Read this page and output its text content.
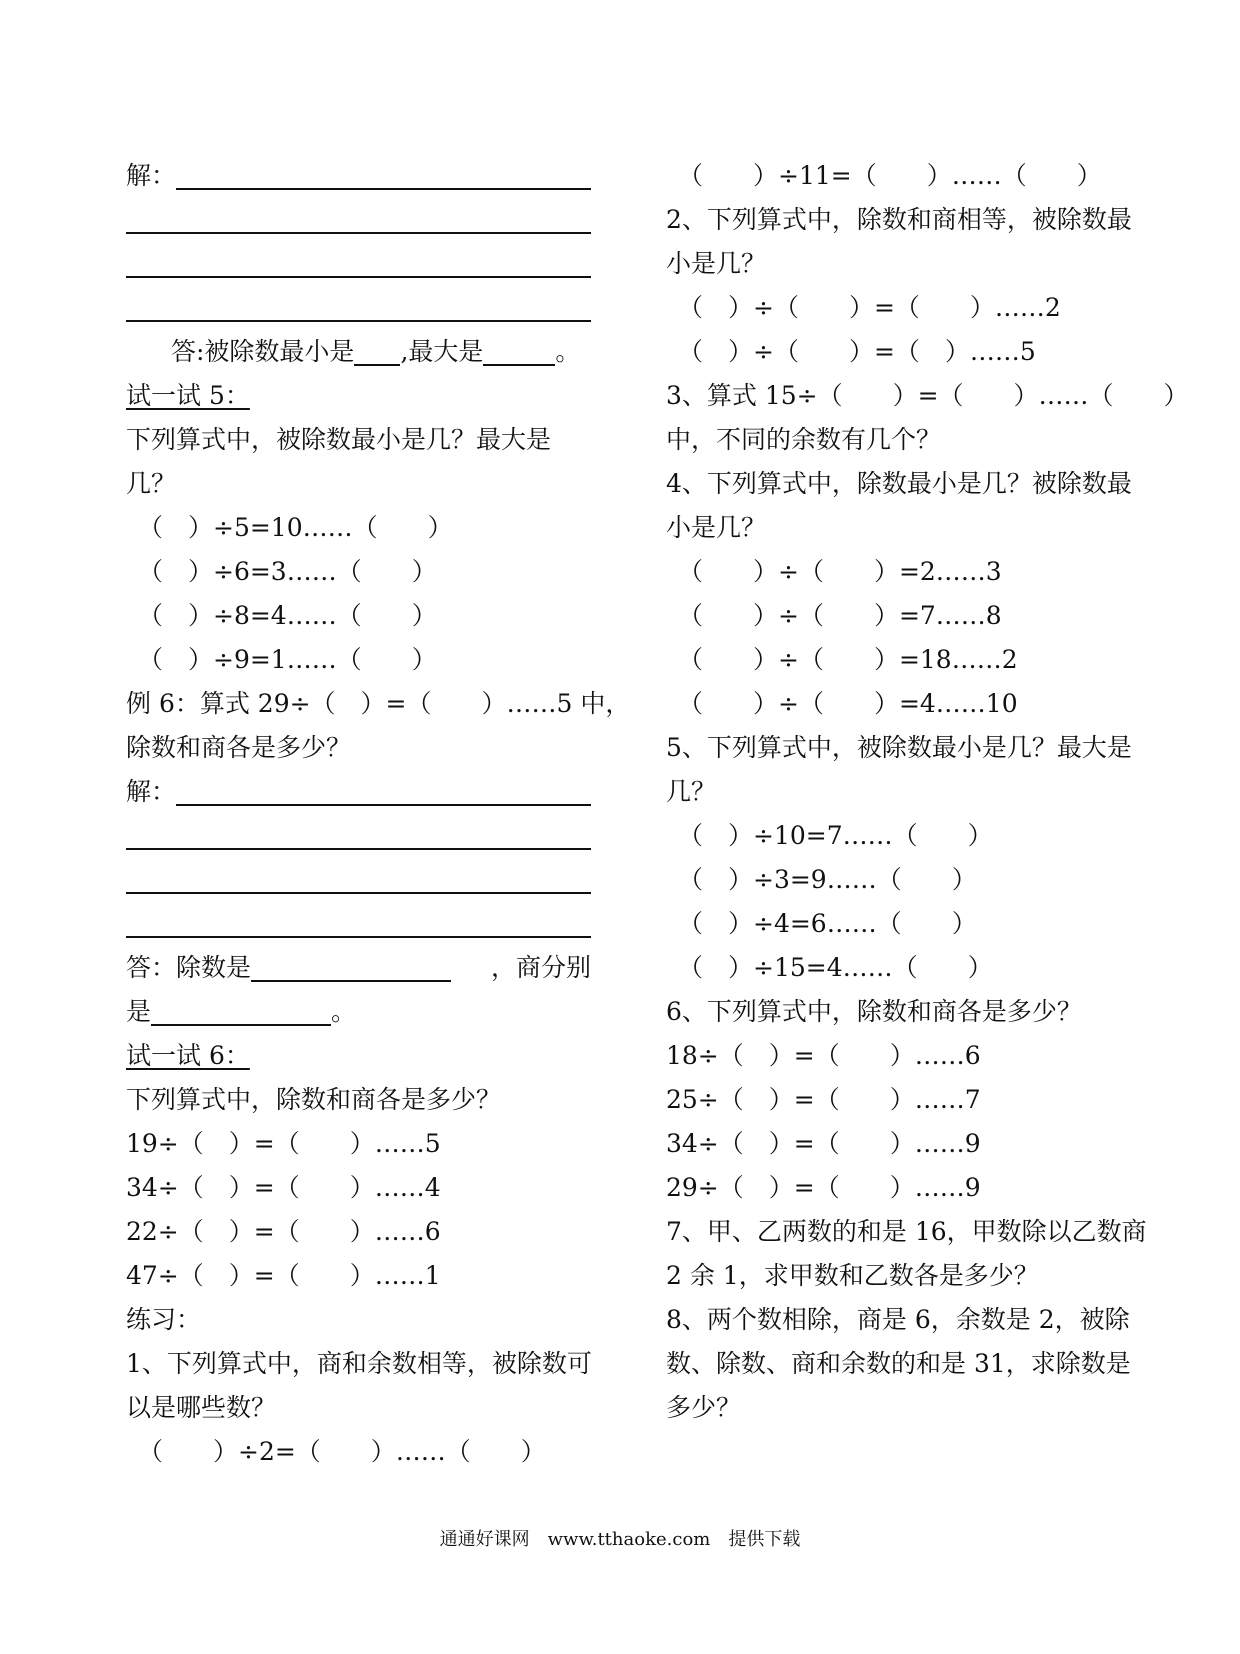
解：
答:被除数最小是 ,最大是	。
试一试 5：
下列算式中，被除数最小是几？最大是
几？
（　）÷5=10……（　　）
（　）÷6=3……（　　）
（　）÷8=4……（　　）
（　）÷9=1……（　　）
例 6：算式 29÷（　）=（　　）……5 中，
除数和商各是多少？
解：
答：除数是	，商分别
是	。
试一试 6：
下列算式中，除数和商各是多少？
19÷（　）=（　　）……5
34÷（　）=（　　）……4
22÷（　）=（　　）……6
47÷（　）=（　　）……1
练习：
1、下列算式中，商和余数相等，被除数可
以是哪些数？
（　　）÷2=（　　）……（　　）
（　　）÷11=（　　）……（　　）
2、下列算式中，除数和商相等，被除数最
小是几？
（　）÷（　　）=（　　）……2
（　）÷（　　）=（　）……5
3、算式 15÷（　　）=（　　）……（　　）
中，不同的余数有几个？
4、下列算式中，除数最小是几？被除数最
小是几？
（　　）÷（　　）=2……3
（　　）÷（　　）=7……8
（　　）÷（　　）=18……2
（　　）÷（　　）=4……10
5、下列算式中，被除数最小是几？最大是
几？
（　）÷10=7……（　　）
（　）÷3=9……（　　）
（　）÷4=6……（　　）
（　）÷15=4……（　　）
6、下列算式中，除数和商各是多少？
18÷（　）=（　　）……6
25÷（　）=（　　）……7
34÷（　）=（　　）……9
29÷（　）=（　　）……9
7、甲、乙两数的和是 16，甲数除以乙数商
2 余 1，求甲数和乙数各是多少？
8、两个数相除，商是 6，余数是 2，被除
数、除数、商和余数的和是 31，求除数是
多少？
通通好课网　www.tthaoke.com　提供下载
